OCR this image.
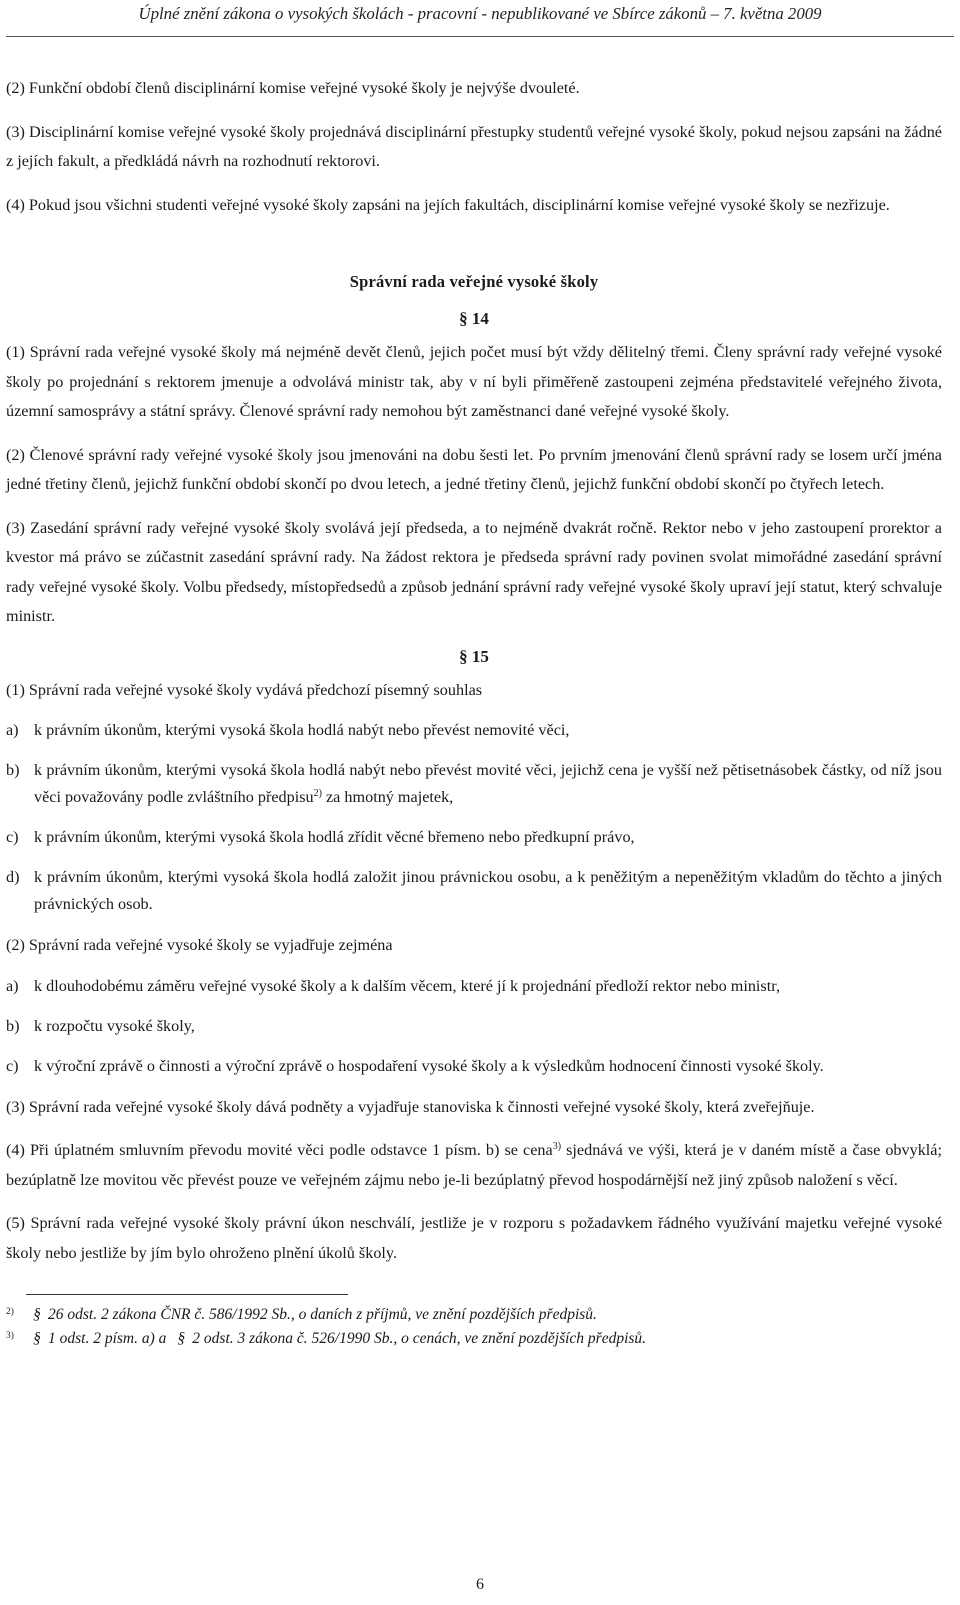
Úplné znění zákona o vysokých školách - pracovní - nepublikované ve Sbírce zákonů – 7. května 2009

(2) Funkční období členů disciplinární komise veřejné vysoké školy je nejvýše dvouleté.

(3) Disciplinární komise veřejné vysoké školy projednává disciplinární přestupky studentů veřejné vysoké školy, pokud nejsou zapsáni na žádné z jejích fakult, a předkládá návrh na rozhodnutí rektorovi.

(4) Pokud jsou všichni studenti veřejné vysoké školy zapsáni na jejích fakultách, disciplinární komise veřejné vysoké školy se nezřizuje.

Správní rada veřejné vysoké školy
§ 14

(1) Správní rada veřejné vysoké školy má nejméně devět členů, jejich počet musí být vždy dělitelný třemi. Členy správní rady veřejné vysoké školy po projednání s rektorem jmenuje a odvolává ministr tak, aby v ní byli přiměřeně zastoupeni zejména představitelé veřejného života, územní samosprávy a státní správy. Členové správní rady nemohou být zaměstnanci dané veřejné vysoké školy.

(2) Členové správní rady veřejné vysoké školy jsou jmenováni na dobu šesti let. Po prvním jmenování členů správní rady se losem určí jména jedné třetiny členů, jejichž funkční období skončí po dvou letech, a jedné třetiny členů, jejichž funkční období skončí po čtyřech letech.

(3) Zasedání správní rady veřejné vysoké školy svolává její předseda, a to nejméně dvakrát ročně. Rektor nebo v jeho zastoupení prorektor a kvestor má právo se zúčastnit zasedání správní rady. Na žádost rektora je předseda správní rady povinen svolat mimořádné zasedání správní rady veřejné vysoké školy. Volbu předsedy, místopředsedů a způsob jednání správní rady veřejné vysoké školy upraví její statut, který schvaluje ministr.

§ 15

(1) Správní rada veřejné vysoké školy vydává předchozí písemný souhlas

a) k právním úkonům, kterými vysoká škola hodlá nabýt nebo převést nemovité věci,
b) k právním úkonům, kterými vysoká škola hodlá nabýt nebo převést movité věci, jejichž cena je vyšší než pětisetnásobek částky, od níž jsou věci považovány podle zvláštního předpisu$^{2)}$ za hmotný majetek,
c) k právním úkonům, kterými vysoká škola hodlá zřídit věcné břemeno nebo předkupní právo,
d) k právním úkonům, kterými vysoká škola hodlá založit jinou právnickou osobu, a k peněžitým a nepeněžitým vkladům do těchto a jiných právnických osob.

(2) Správní rada veřejné vysoké školy se vyjadřuje zejména

a) k dlouhodobému záměru veřejné vysoké školy a k dalším věcem, které jí k projednání předloží rektor nebo ministr,
b) k rozpočtu vysoké školy,
c) k výroční zprávě o činnosti a výroční zprávě o hospodaření vysoké školy a k výsledkům hodnocení činnosti vysoké školy.

(3) Správní rada veřejné vysoké školy dává podněty a vyjadřuje stanoviska k činnosti veřejné vysoké školy, která zveřejňuje.

(4) Při úplatném smluvním převodu movité věci podle odstavce 1 písm. b) se cena$^{3)}$ sjednává ve výši, která je v daném místě a čase obvyklá; bezúplatně lze movitou věc převést pouze ve veřejném zájmu nebo je-li bezúplatný převod hospodárnější než jiný způsob naložení s věcí.

(5) Správní rada veřejné vysoké školy právní úkon neschválí, jestliže je v rozporu s požadavkem řádného využívání majetku veřejné vysoké školy nebo jestliže by jím bylo ohroženo plnění úkolů školy.

$^{2)}$ § 26 odst. 2 zákona ČNR č. 586/1992 Sb., o daních z příjmů, ve znění pozdějších předpisů.
$^{3)}$ § 1 odst. 2 písm. a) a § 2 odst. 3 zákona č. 526/1990 Sb., o cenách, ve znění pozdějších předpisů.
6
